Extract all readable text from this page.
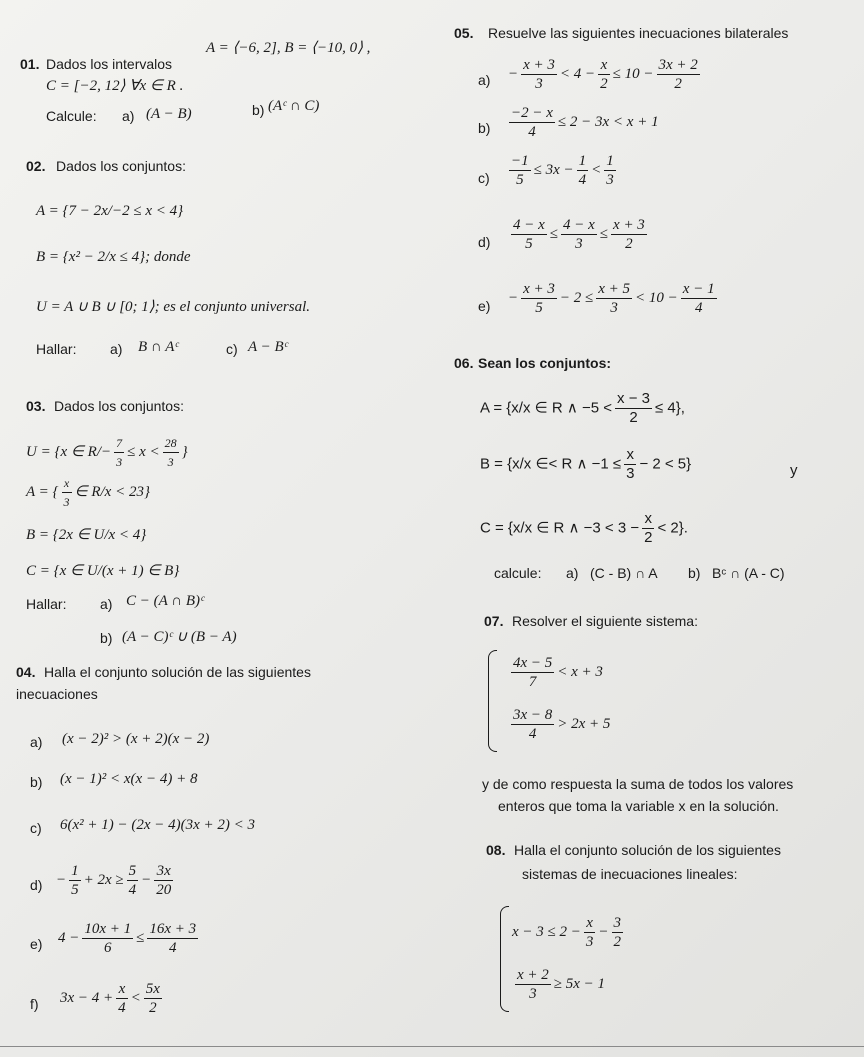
01. Dados los intervalos
A = ⟨−6, 2], B = ⟨−10, 0⟩ ,
C = [−2, 12⟩ ∀x ∈ R .
Calcule: a) (A − B)	b) (Aᶜ ∩ C)
02. Dados los conjuntos:
A = {7 − 2x/−2 ≤ x < 4}
B = {x² − 2/x ≤ 4}; donde
U = A ∪ B ∪ [0; 1⟩; es el conjunto universal.
Hallar: a) B ∩ Aᶜ	c) A − Bᶜ
03. Dados los conjuntos:
U = {x ∈ $R/- \frac{7}{3} \le x < \frac{28}{3}$ }
A = { $\frac{x}{3}$ ∈ R/x < 23}
B = {2x ∈ U/x < 4}
C = {x ∈ U/(x + 1) ∈ B}
Hallar: a) C − (A ∩ B)ᶜ
b) (A − C)ᶜ ∪ (B − A)
04. Halla el conjunto solución de las siguientes
inecuaciones
a) (x − 2)² > (x + 2)(x − 2)
b) (x − 1)² < x(x − 4) + 8
c) 6(x² + 1) − (2x − 4)(3x + 2) < 3
$d) - \frac{1}{5} + 2x \ge \frac{5}{4} - \frac{3x}{20}$
e) $4 - \frac{10x + 1}{6} \le \frac{16x + 3}{4}$
f) $3x - 4 + \frac{x}{4} < \frac{5x}{2}$
05. Resuelve las siguientes inecuaciones bilaterales
$a) - \frac{x + 3}{3} < 4 - \frac{x}{2} \le 10 - \frac{3x + 2}{2}$
$b) \frac{-2 - x}{4} \le 2 - 3x < x + 1$
$c) \frac{-1}{5} \le 3x - \frac{1}{4} < \frac{1}{3}$
$d) \frac{4 - x}{5} \le \frac{4 - x}{3} \le \frac{x + 3}{2}$
e)
− $\frac{x + 3}{5} - 2 \le \frac{x + 5}{3} < 10 - \frac{x - 1}{4}$
06. Sean los conjuntos:
A = {x/x ∈ R ∧ $-5 < \frac{x - 3}{2} \le 4$},
B = {x/x ∈< R ∧ $-1 \le \frac{x}{3} - 2 < 5$}	y
C = {x/x ∈ R ∧ $-3 < 3 - \frac{x}{2} < 2$}.
calcule: a) (C - B) ∩ A b) Bᶜ ∩ (A - C)
07. Resolver el siguiente sistema:
$\frac{4x - 5}{7} < x + 3$
$\frac{3x - 8}{4} > 2x + 5$
y de como respuesta la suma de todos los valores
enteros que toma la variable x en la solución.
08. Halla el conjunto solución de los siguientes
sistemas de inecuaciones lineales:
$x - 3 \le 2 - \frac{x}{3} - \frac{3}{2}$
$\frac{x + 2}{3} \ge 5x - 1$
